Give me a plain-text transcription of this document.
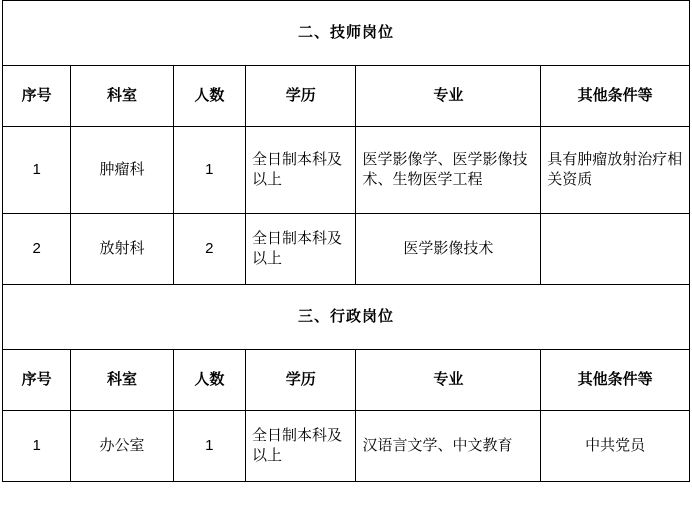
二、技师岗位					
序号	科室	人数	学历	专业	其他条件等
1	肿瘤科	1	全日制本科及以上	医学影像学、医学影像技术、生物医学工程	具有肿瘤放射治疗相关资质
2	放射科	2	全日制本科及以上	医学影像技术	
三、行政岗位					
序号	科室	人数	学历	专业	其他条件等
1	办公室	1	全日制本科及以上	汉语言文学、中文教育	中共党员
